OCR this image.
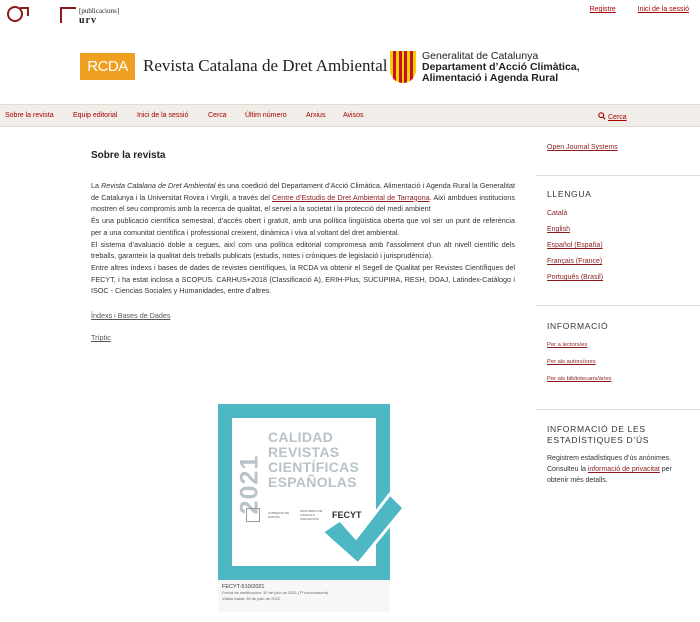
[publicacions]
urv
Registre	Inici de la sessió
RCDA Revista Catalana de Dret Ambiental	Generalitat de Catalunya
Departament d’Acció Climàtica,
Alimentació i Agenda Rural
Sobre la revista	Equip editorial	Inici de la sessió	Cerca	Últim número	Arxius	Avisos	Cerca
Sobre la revista
La Revista Catalana de Dret Ambiental és una coedició del Departament d’Acció Climàtica, Alimentació i Agenda Rural la Generalitat de Catalunya i la Universitat Rovira i Virgili, a través del Centre d’Estudis de Dret Ambiental de Tarragona. Així ambdues institucions mostren el seu compromís amb la recerca de qualitat, el servei a la societat i la protecció del medi ambient
És una publicació científica semestral, d’accés obert i gratuït, amb una política lingüística oberta que vol ser un punt de referència per a una comunitat científica i professional creixent, dinàmica i viva al voltant del dret ambiental.
El sistema d’avaluació doble a cegues, així com una política editorial compromesa amb l’assoliment d’un alt nivell científic dels treballs, garanteix la qualitat dels treballs publicats (estudis, notes i cròniques de legislació i jurisprudència).
Entre altres índexs i bases de dades de revistes científiques, la RCDA va obtenir el Segell de Qualitat per Revistes Científiques del FECYT, i ha estat inclosa a SCOPUS. CARHUS+2018 (Classificació A), ERIH-Plus, SUCUPIRA, RESH, DOAJ, Latindex-Catàlogo i ISOC - Ciencias Sociales y Humanidades, entre d’altres.
Índexs i Bases de Dades
Tríptic
2021
CALIDAD
REVISTAS
CIENTÍFICAS
ESPAÑOLAS
GOBIERNO DE ESPAÑA
MINISTERIO DE CIENCIA E INNOVACIÓN	FECYT
FECYT-510/2021
Fecha de certificación: 30 de julio de 2021 (7ª convocatoria)
Válido hasta: 30 de julio de 2022
Open Journal Systems
LLENGUA
Català
English
Español (España)
Français (France)
Português (Brasil)
INFORMACIÓ
Per a lectors/es
Per als autors/ores
Per als bibliotecaris/àries
INFORMACIÓ DE LES
ESTADÍSTIQUES D’ÚS
Registrem estadístiques d’ús anònimes. Consulteu la informació de privacitat per obtenir més detalls.
